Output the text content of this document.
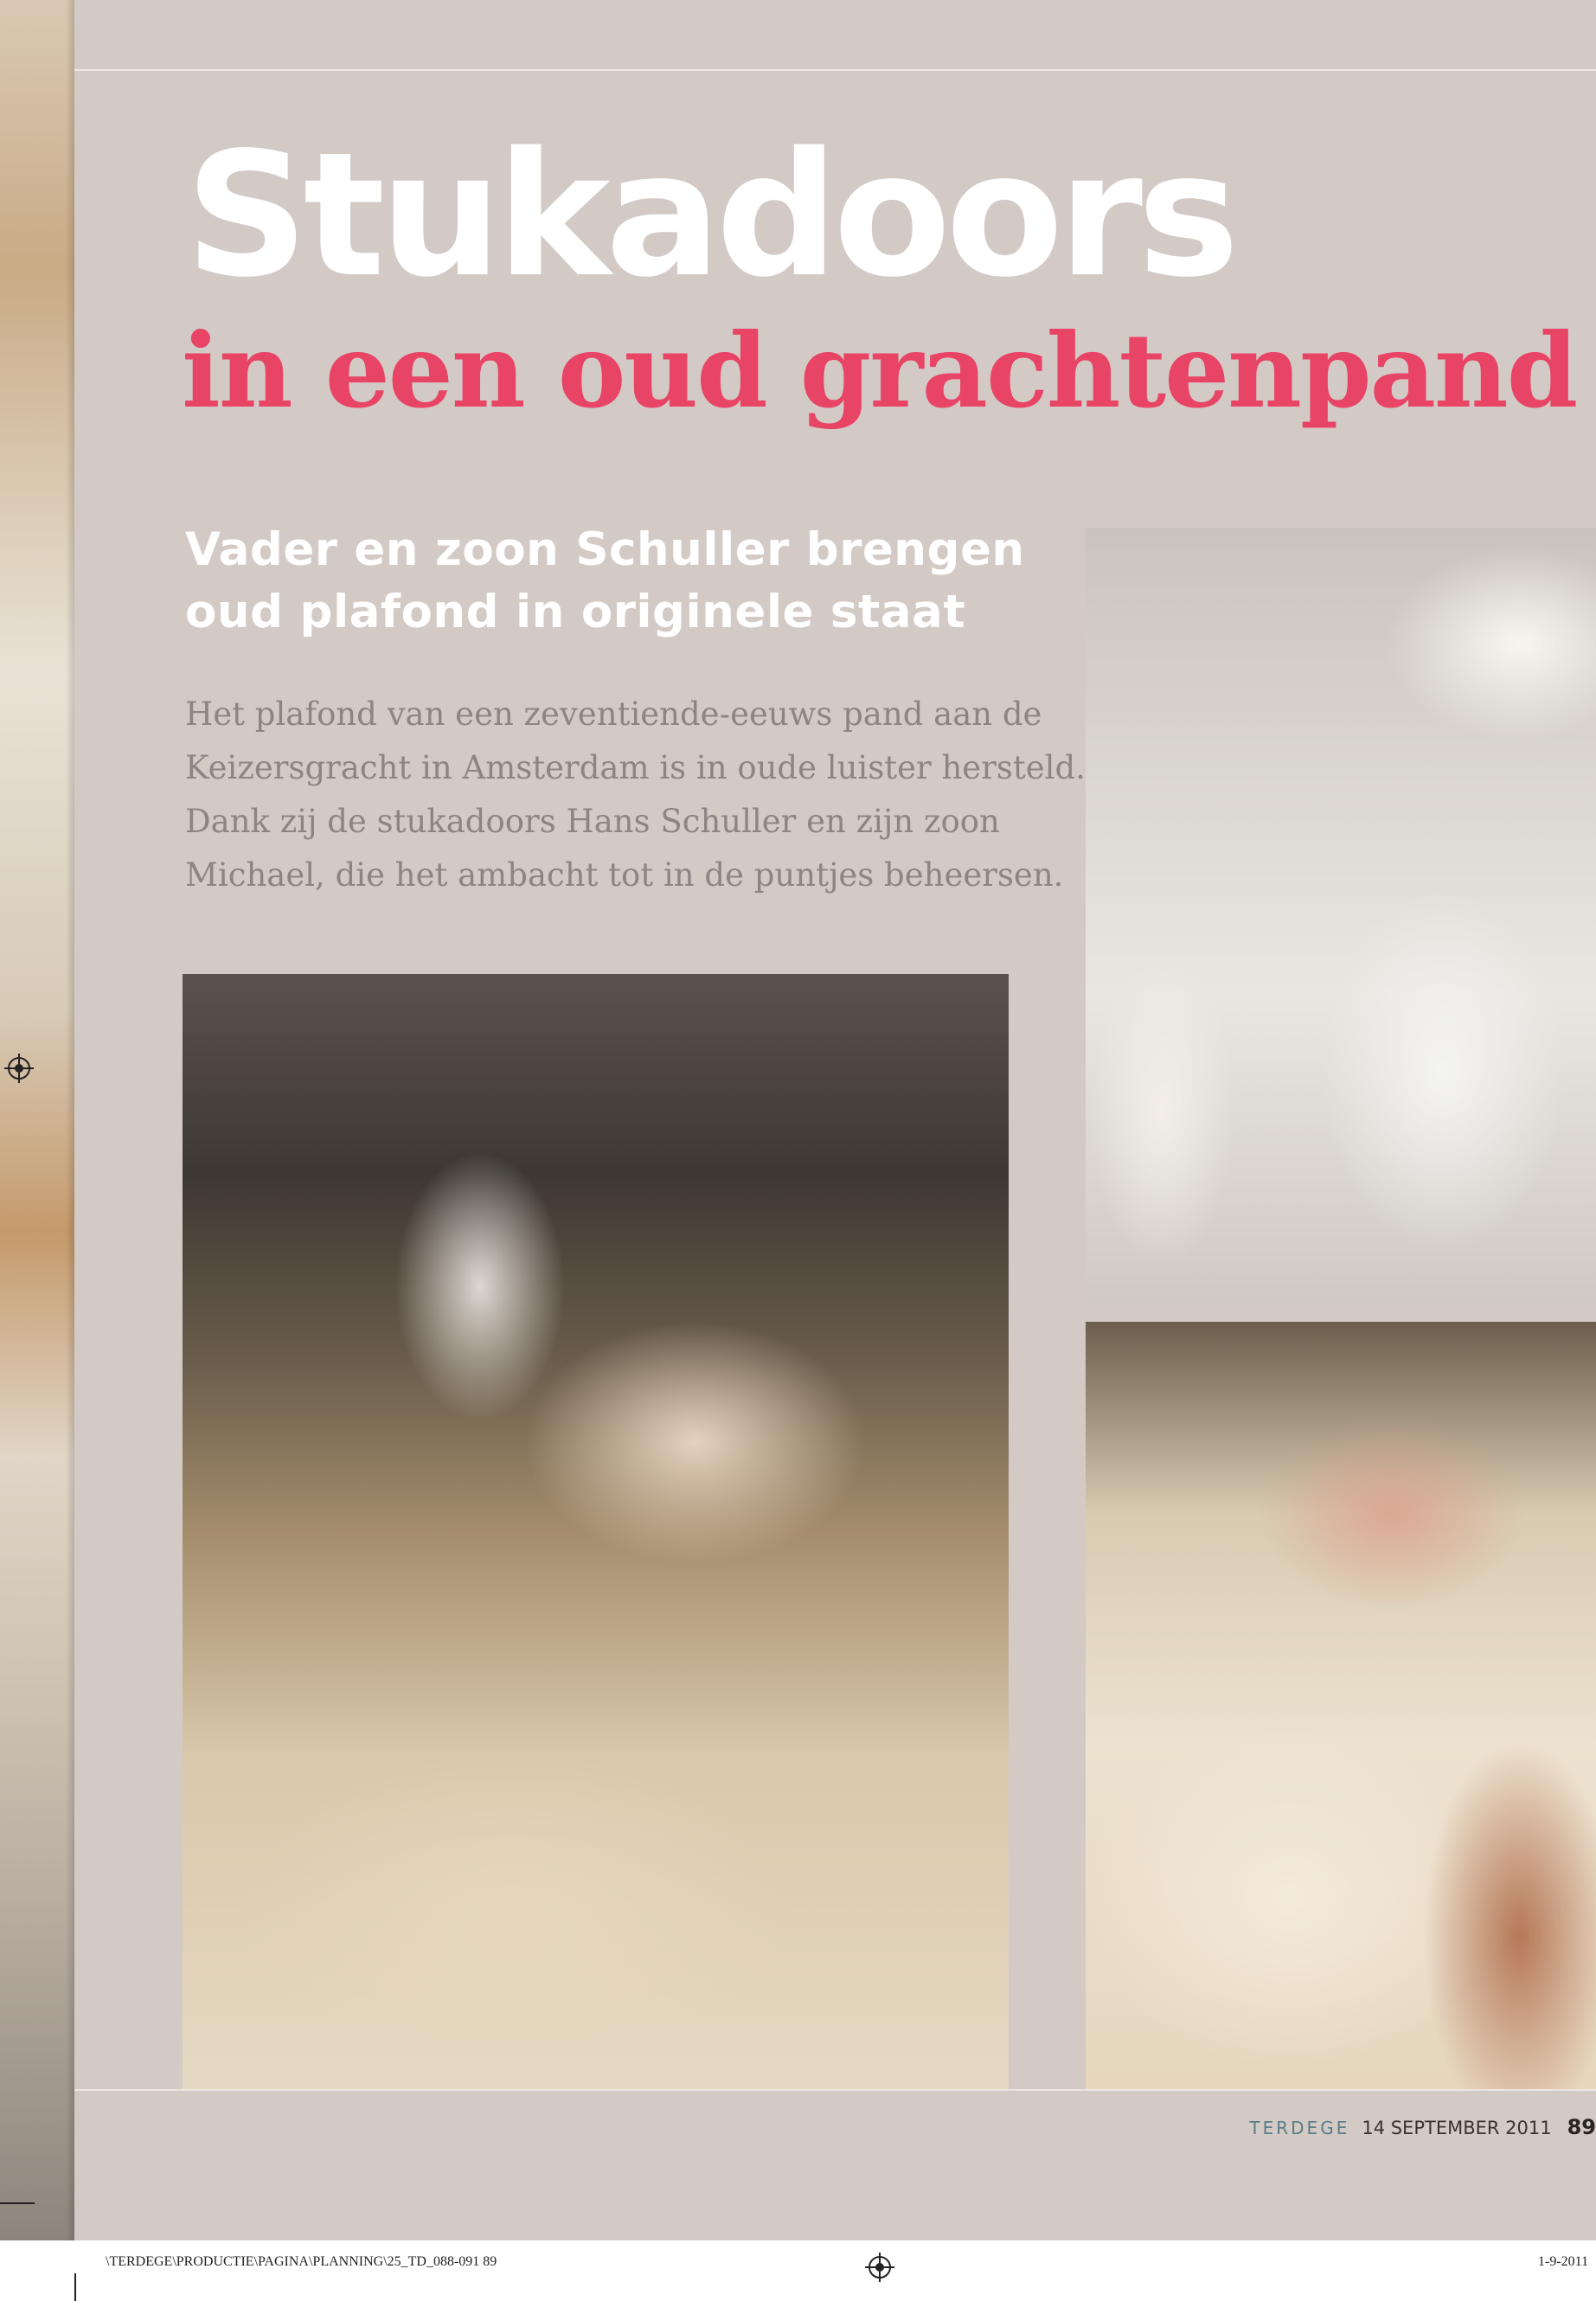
Stukadoors
in een oud grachtenpand

Vader en zoon Schuller brengen
oud plafond in originele staat

Het plafond van een zeventiende-eeuws pand aan de
Keizersgracht in Amsterdam is in oude luister hersteld.
Dank zij de stukadoors Hans Schuller en zijn zoon
Michael, die het ambacht tot in de puntjes beheersen.

TERDEGE 14 SEPTEMBER 2011 89

\TERDEGE\PRODUCTIE\PAGINA\PLANNING\25_TD_088-091 89	1-9-2011
